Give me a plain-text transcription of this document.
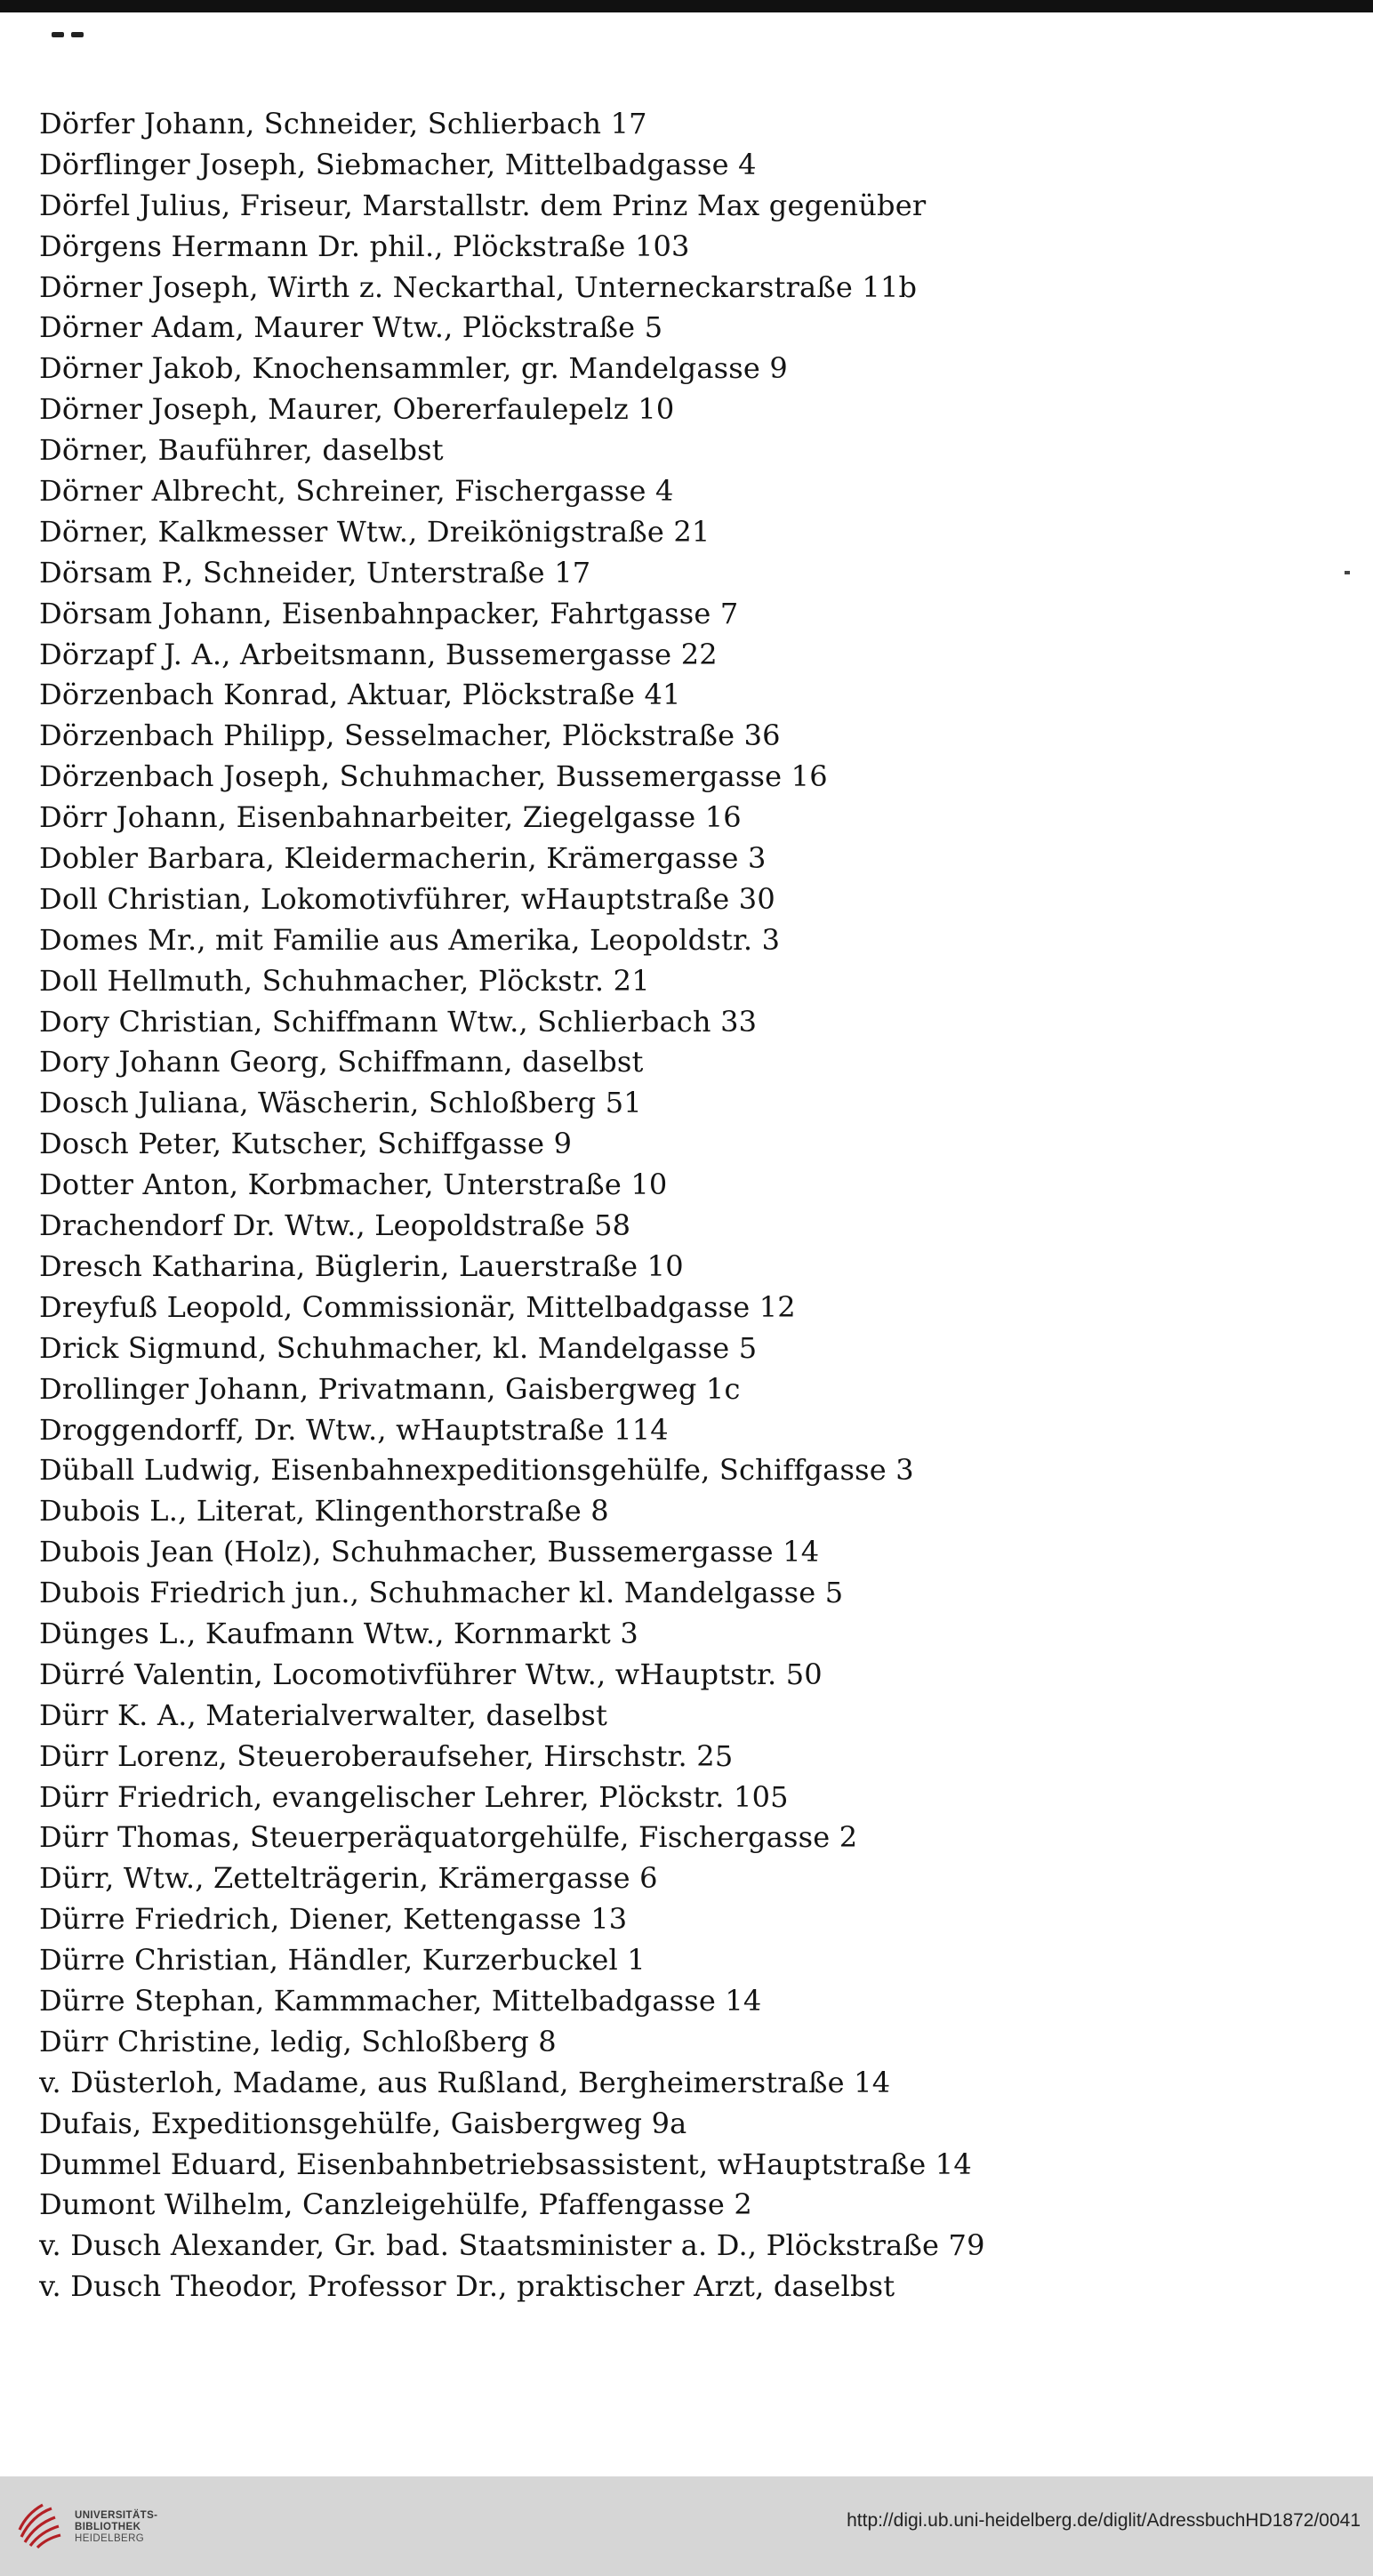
Dörfer Johann, Schneider, Schlierbach 17
Dörflinger Joseph, Siebmacher, Mittelbadgasse 4
Dörfel Julius, Friseur, Marstallstr. dem Prinz Max gegenüber
Dörgens Hermann Dr. phil., Plöckstraße 103
Dörner Joseph, Wirth z. Neckarthal, Unterneckarstraße 11b
Dörner Adam, Maurer Wtw., Plöckstraße 5
Dörner Jakob, Knochensammler, gr. Mandelgasse 9
Dörner Joseph, Maurer, Obererfaulepelz 10
Dörner, Bauführer, daselbst
Dörner Albrecht, Schreiner, Fischergasse 4
Dörner, Kalkmesser Wtw., Dreikönigstraße 21
Dörsam P., Schneider, Unterstraße 17
Dörsam Johann, Eisenbahnpacker, Fahrtgasse 7
Dörzapf J. A., Arbeitsmann, Bussemergasse 22
Dörzenbach Konrad, Aktuar, Plöckstraße 41
Dörzenbach Philipp, Sesselmacher, Plöckstraße 36
Dörzenbach Joseph, Schuhmacher, Bussemergasse 16
Dörr Johann, Eisenbahnarbeiter, Ziegelgasse 16
Dobler Barbara, Kleidermacherin, Krämergasse 3
Doll Christian, Lokomotivführer, wHauptstraße 30
Domes Mr., mit Familie aus Amerika, Leopoldstr. 3
Doll Hellmuth, Schuhmacher, Plöckstr. 21
Dory Christian, Schiffmann Wtw., Schlierbach 33
Dory Johann Georg, Schiffmann, daselbst
Dosch Juliana, Wäscherin, Schloßberg 51
Dosch Peter, Kutscher, Schiffgasse 9
Dotter Anton, Korbmacher, Unterstraße 10
Drachendorf Dr. Wtw., Leopoldstraße 58
Dresch Katharina, Büglerin, Lauerstraße 10
Dreyfuß Leopold, Commissionär, Mittelbadgasse 12
Drick Sigmund, Schuhmacher, kl. Mandelgasse 5
Drollinger Johann, Privatmann, Gaisbergweg 1c
Droggendorff, Dr. Wtw., wHauptstraße 114
Düball Ludwig, Eisenbahnexpeditionsgehülfe, Schiffgasse 3
Dubois L., Literat, Klingenthorstraße 8
Dubois Jean (Holz), Schuhmacher, Bussemergasse 14
Dubois Friedrich jun., Schuhmacher kl. Mandelgasse 5
Dünges L., Kaufmann Wtw., Kornmarkt 3
Dürré Valentin, Locomotivführer Wtw., wHauptstr. 50
Dürr K. A., Materialverwalter, daselbst
Dürr Lorenz, Steueroberaufseher, Hirschstr. 25
Dürr Friedrich, evangelischer Lehrer, Plöckstr. 105
Dürr Thomas, Steuerperäquatorgehülfe, Fischergasse 2
Dürr, Wtw., Zettelträgerin, Krämergasse 6
Dürre Friedrich, Diener, Kettengasse 13
Dürre Christian, Händler, Kurzerbuckel 1
Dürre Stephan, Kammmacher, Mittelbadgasse 14
Dürr Christine, ledig, Schloßberg 8
v. Düsterloh, Madame, aus Rußland, Bergheimerstraße 14
Dufais, Expeditionsgehülfe, Gaisbergweg 9a
Dummel Eduard, Eisenbahnbetriebsassistent, wHauptstraße 14
Dumont Wilhelm, Canzleigehülfe, Pfaffengasse 2
v. Dusch Alexander, Gr. bad. Staatsminister a. D., Plöckstraße 79
v. Dusch Theodor, Professor Dr., praktischer Arzt, daselbst
UNIVERSITÄTS-
BIBLIOTHEK
HEIDELBERG
http://digi.ub.uni-heidelberg.de/diglit/AdressbuchHD1872/0041
